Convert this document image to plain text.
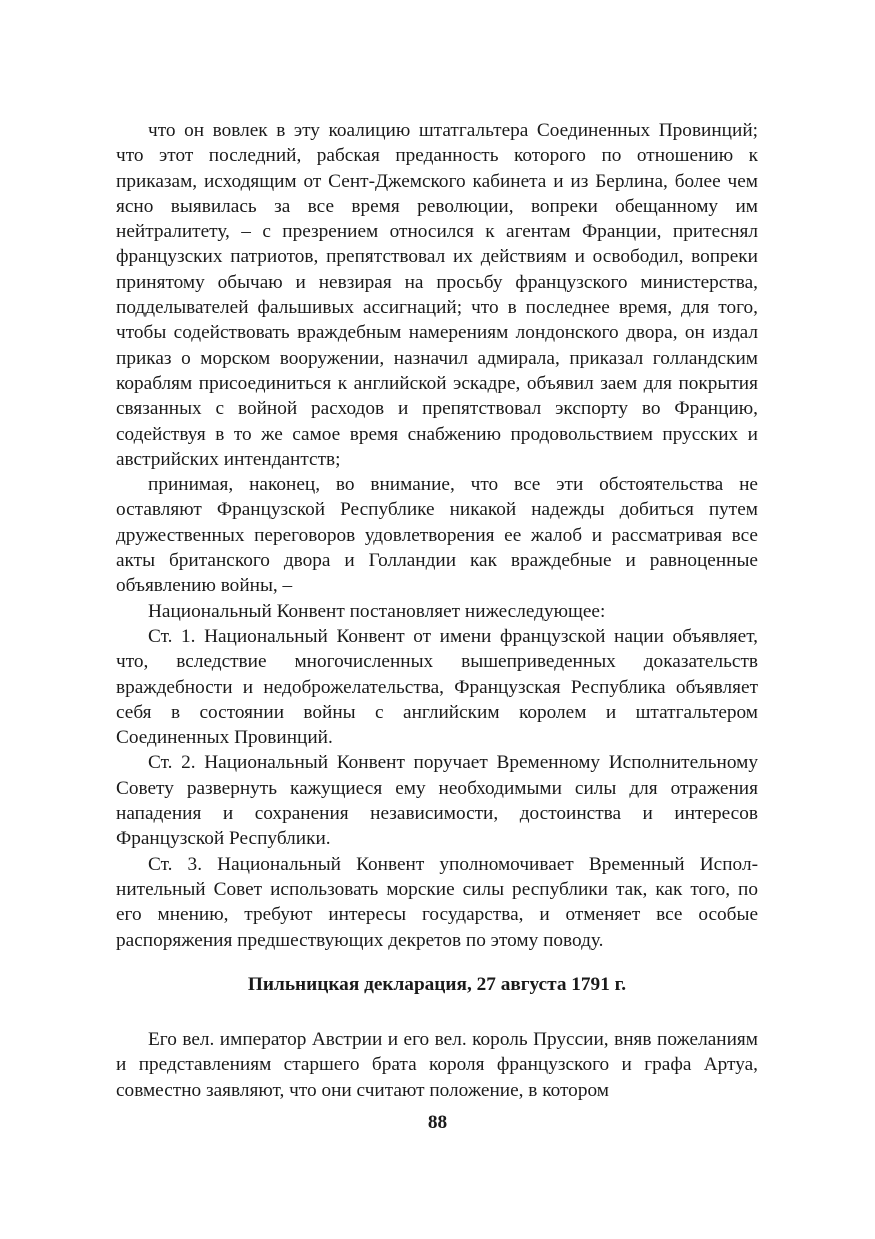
что он вовлек в эту коалицию штатгальтера Соединенных Провинций; что этот последний, рабская преданность которого по отношению к приказам, исходящим от Сент-Джемского кабинета и из Берлина, более чем ясно выявилась за все время революции, вопреки обещанному им нейтралитету, – с презрением относился к агентам Франции, притеснял французских патриотов, препятствовал их действиям и освободил, вопреки принятому обычаю и невзирая на просьбу французского министерства, подделывателей фальшивых ассигнаций; что в последнее время, для того, чтобы содействовать враждебным намерениям лондонского двора, он издал приказ о морском вооружении, назначил адмирала, приказал голландским кораблям присоединиться к английской эскадре, объявил заем для покрытия связанных с войной расходов и препятствовал экспорту во Францию, содействуя в то же самое время снабжению продовольствием прусских и австрийских интендантств;

принимая, наконец, во внимание, что все эти обстоятельства не оставляют Французской Республике никакой надежды добиться путем дружественных переговоров удовлетворения ее жалоб и рассматривая все акты британского двора и Голландии как враждебные и равноценные объявлению войны, –

Национальный Конвент постановляет нижеследующее:

Ст. 1. Национальный Конвент от имени французской нации объявляет, что, вследствие многочисленных вышеприведенных доказательств враждебности и недоброжелательства, Французская Республика объявляет себя в состоянии войны с английским королем и штатгальтером Соединенных Провинций.

Ст. 2. Национальный Конвент поручает Временному Исполнительному Совету развернуть кажущиеся ему необходимыми силы для отражения нападения и сохранения независимости, достоинства и интересов Французской Республики.

Ст. 3. Национальный Конвент уполномочивает Временный Исполнительный Совет использовать морские силы республики так, как того, по его мнению, требуют интересы государства, и отменяет все особые распоряжения предшествующих декретов по этому поводу.

Пильницкая декларация, 27 августа 1791 г.

Его вел. император Австрии и его вел. король Пруссии, вняв пожеланиям и представлениям старшего брата короля французского и графа Артуа, совместно заявляют, что они считают положение, в котором

88
